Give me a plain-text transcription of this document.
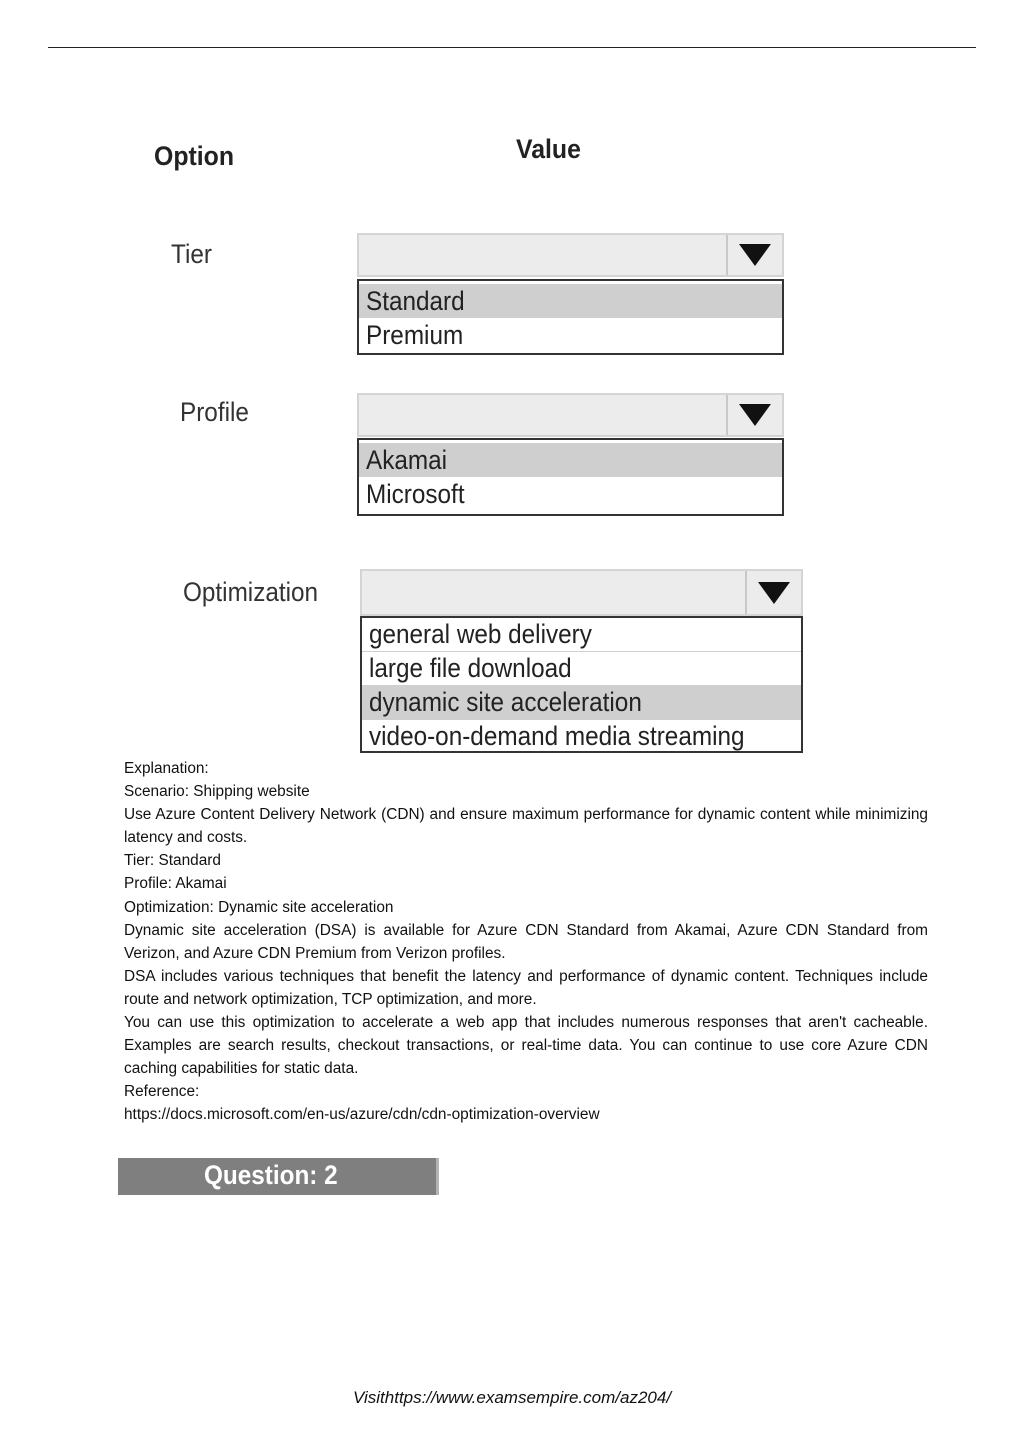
Option	Value
Tier
Standard
Premium
Profile
Akamai
Microsoft
Optimization
general web delivery
large file download
dynamic site acceleration
video-on-demand media streaming

Explanation:

Scenario: Shipping website

Use Azure Content Delivery Network (CDN) and ensure maximum performance for dynamic content while minimizing latency and costs.

Tier: Standard

Profile: Akamai

Optimization: Dynamic site acceleration

Dynamic site acceleration (DSA) is available for Azure CDN Standard from Akamai, Azure CDN Standard from Verizon, and Azure CDN Premium from Verizon profiles.

DSA includes various techniques that benefit the latency and performance of dynamic content. Techniques include route and network optimization, TCP optimization, and more.

You can use this optimization to accelerate a web app that includes numerous responses that aren't cacheable. Examples are search results, checkout transactions, or real-time data. You can continue to use core Azure CDN caching capabilities for static data.

Reference:

https://docs.microsoft.com/en-us/azure/cdn/cdn-optimization-overview

Question: 2
Visithttps://www.examsempire.com/az204/
